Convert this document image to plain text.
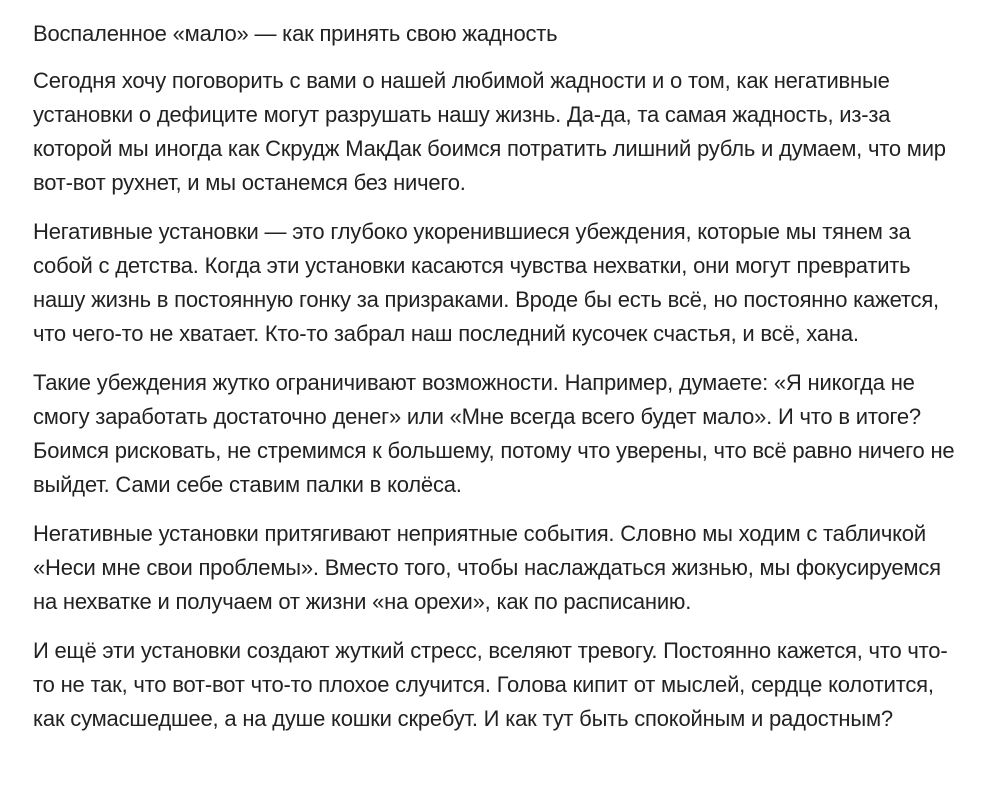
Воспаленное «мало» — как принять свою жадность

Сегодня хочу поговорить с вами о нашей любимой жадности и о том, как негативные установки о дефиците могут разрушать нашу жизнь. Да-да, та самая жадность, из-за которой мы иногда как Скрудж МакДак боимся потратить лишний рубль и думаем, что мир вот-вот рухнет, и мы останемся без ничего.

Негативные установки — это глубоко укоренившиеся убеждения, которые мы тянем за собой с детства. Когда эти установки касаются чувства нехватки, они могут превратить нашу жизнь в постоянную гонку за призраками. Вроде бы есть всё, но постоянно кажется, что чего-то не хватает. Кто-то забрал наш последний кусочек счастья, и всё, хана.

Такие убеждения жутко ограничивают возможности. Например, думаете: «Я никогда не смогу заработать достаточно денег» или «Мне всегда всего будет мало». И что в итоге? Боимся рисковать, не стремимся к большему, потому что уверены, что всё равно ничего не выйдет. Сами себе ставим палки в колёса.

Негативные установки притягивают неприятные события. Словно мы ходим с табличкой «Неси мне свои проблемы». Вместо того, чтобы наслаждаться жизнью, мы фокусируемся на нехватке и получаем от жизни «на орехи», как по расписанию.

И ещё эти установки создают жуткий стресс, вселяют тревогу. Постоянно кажется, что что-то не так, что вот-вот что-то плохое случится. Голова кипит от мыслей, сердце колотится, как сумасшедшее, а на душе кошки скребут. И как тут быть спокойным и радостным?
